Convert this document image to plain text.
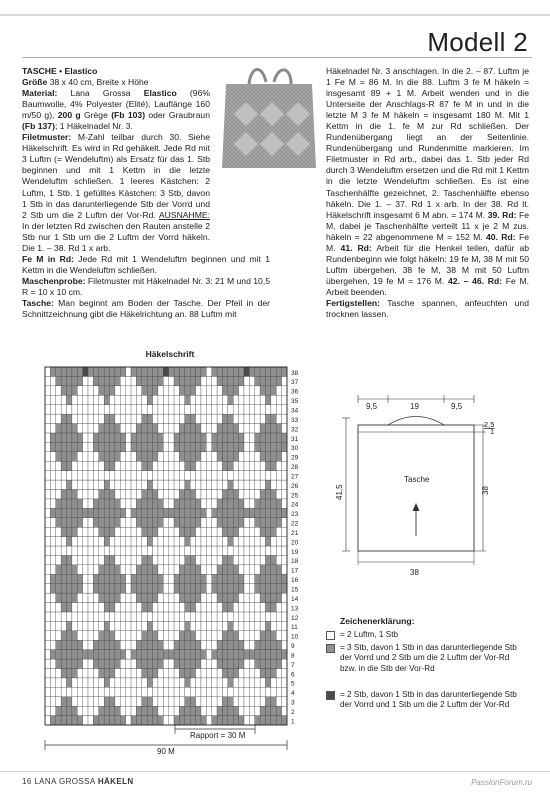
Modell 2

TASCHE • Elastico

Größe 38 x 40 cm, Breite x Höhe

Material: Lana Grossa Elastico (96% Baumwolle, 4% Polyester (Elité), Lauflänge 160 m/50 g), 200 g Grège (Fb 103) oder Graubraun (Fb 137); 1 Häkelnadel Nr. 3.

Filetmuster: M-Zahl teilbar durch 30. Siehe Häkelschrift. Es wird in Rd gehäkelt. Jede Rd mit 3 Luftm (= Wendeluftm) als Ersatz für das 1. Stb beginnen und mit 1 Kettm in die letzte Wendeluftm schließen. 1 leeres Kästchen: 2 Luftm, 1 Stb. 1 gefülltes Kästchen: 3 Stb, davon 1 Stb in das darunterliegende Stb der Vorrd und 2 Stb um die 2 Luftm der Vor-Rd. AUSNAHME: In der letzten Rd zwischen den Rauten anstelle 2 Stb nur 1 Stb um die 2 Luftm der Vorrd häkeln. Die 1. – 38. Rd 1 x arb.

Fe M in Rd: Jede Rd mit 1 Wendeluftm beginnen und mit 1 Kettm in die Wendeluftm schließen.

Maschenprobe: Filetmuster mit Häkelnadel Nr. 3: 21 M und 10,5 R = 10 x 10 cm.

Tasche: Man beginnt am Boden der Tasche. Der Pfeil in der Schnittzeichnung gibt die Häkelrichtung an. 88 Luftm mit

Häkelnadel Nr. 3 anschlagen. In die 2. – 87. Luftm je 1 Fe M = 86 M. In die 88. Luftm 3 fe M häkeln = insgesamt 89 + 1 M. Arbeit wenden und in die Unterseite der Anschlags-R 87 fe M in und in die letzte M 3 fe M häkeln = insgesamt 180 M. Mit 1 Kettm in die 1. fe M zur Rd schließen. Der Rundenübergang liegt an der Seitenlinie. Rundenübergang und Rundenmitte markieren. Im Filetmuster in Rd arb., dabei das 1. Stb jeder Rd durch 3 Wendeluftm ersetzen und die Rd mit 1 Kettm in die letzte Wendeluftm schließen. Es ist eine Taschenhälfte gezeichnet, 2. Taschenhälfte ebenso häkeln. Die 1. – 37. Rd 1 x arb. In der 38. Rd lt. Häkelschrift insgesamt 6 M abn. = 174 M. 39. Rd: Fe M, dabei je Taschenhälfte verteilt 11 x je 2 M zus. häkeln = 22 abgenommene M = 152 M. 40. Rd: Fe M. 41. Rd: Arbeit für die Henkel teilen, dafür ab Rundenbeginn wie folgt häkeln: 19 fe M, 38 M mit 50 Luftm übergehen, 38 fe M, 38 M mit 50 Luftm übergehen, 19 fe M = 176 M. 42. – 46. Rd: Fe M. Arbeit beenden.

Fertigstellen: Tasche spannen, anfeuchten und trocknen lassen.

Häkelschrift
1
2
3
4
5
6
7
8
9
10
11
12
13
14
15
16
17
18
19
20
21
22
23
24
25
26
27
28
29
30
31
32
33
34
35
36
37
38
Rapport = 30 M
90 M
9,5	19	9,5
2,5
1
38
41,5
Tasche
38
Zeichenerklärung:
= 2 Luftm, 1 Stb
= 3 Stb, davon 1 Stb in das darunterliegende Stb der Vorrd und 2 Stb um die 2 Luftm der Vor-Rd bzw. in die Stb der Vor-Rd
= 2 Stb, davon 1 Stb in das darunterliegende Stb der Vorrd und 1 Stb um die 2 Luftm der Vor-Rd
16 LANA GROSSA HÄKELN	PassionForum.ru
